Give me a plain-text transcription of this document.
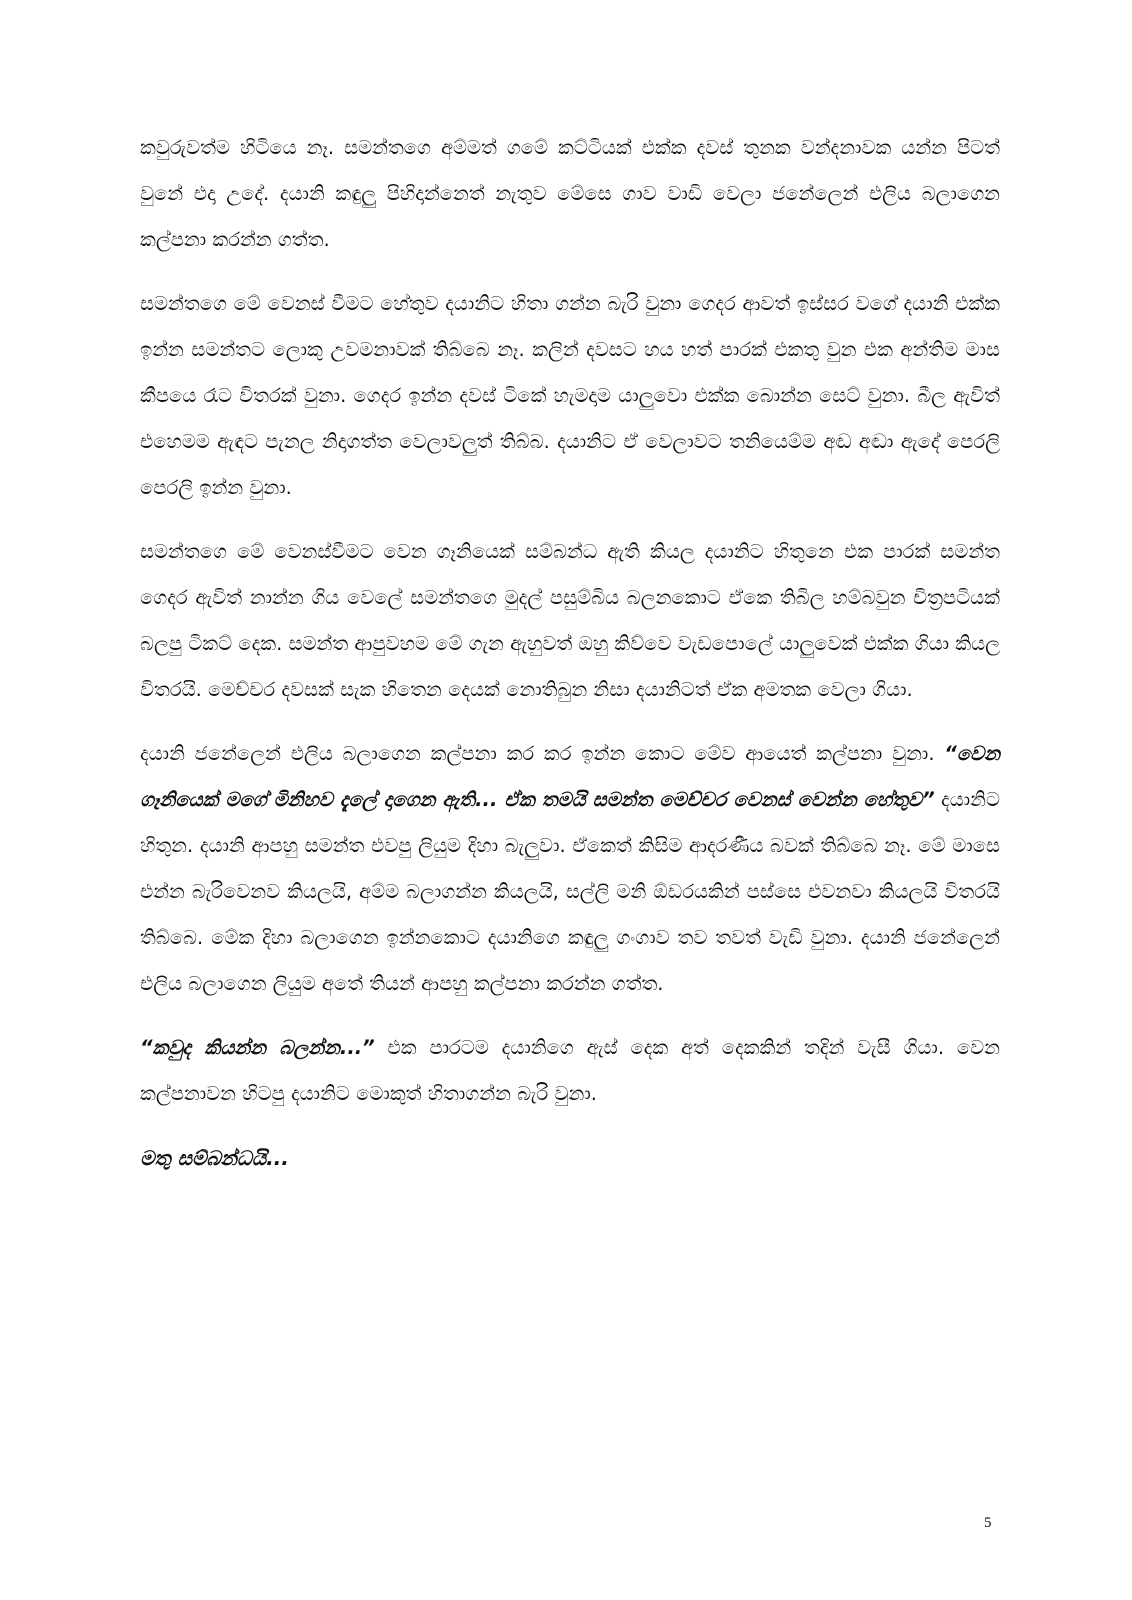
කවුරුවත්ම හිටියෙ නෑ. සමන්තගෙ අම්මත් ගමේ කට්ටියක් එක්ක දවස් තුනක වන්දනාවක යන්න පිටත් වුනේ එදා උදේ. දයානි කඳුලු පිහිදාන්නෙත් නැතුව මේසෙ ගාව වාඩි වෙලා ජනේලෙන් එලිය බලාගෙන කල්පනා කරන්න ගත්ත.

සමන්තගෙ මේ වෙනස් වීමට හේතුව දයානිට හිතා ගන්න බැරි වුනා ගෙදර ආවත් ඉස්සර වගේ දයානි එක්ක ඉන්න සමන්තට ලොකු උවමනාවක් තිබ්බෙ නෑ. කලින් දවසට හය හත් පාරක් එකතු වුන එක අන්තිම මාස කීපයෙ රෑට විතරක් වුනා. ගෙදර ඉන්න දවස් ටිකේ හැමදාම යාලුවො එක්ක බොන්න සෙට් වුනා. බීල ඇවිත් එහෙමම ඇඳට පැනල නිදාගත්ත වෙලාවලුත් තිබ්බ. දයානිට ඒ වෙලාවට තනියෙම්ම අඬ අඬා ඇදේ පෙරලි පෙරලි ඉන්න වුනා.

සමන්තගෙ මේ වෙනස්වීමට වෙන ගෑනියෙක් සම්බන්ධ ඇති කියල දයානිට හිතුනෙ එක පාරක් සමන්ත ගෙදර ඇවිත් නාන්න ගිය වෙලේ සමන්තගෙ මුදල් පසුම්බිය බලනකොට ඒකෙ තිබිල හම්බවුන චිත්‍රපටියක් බලපු ටිකට් දෙක. සමන්ත ආපුවහම මේ ගැන ඇහුවත් ඔහු කිව්වෙ වැඩපොලේ යාලුවෙක් එක්ක ගියා කියල විතරයි. මෙච්චර දවසක් සැක හිතෙන දෙයක් නොතිබුන නිසා දයානිටත් ඒක අමතක වෙලා ගියා.

දයානි ජනේලෙන් එලිය බලාගෙන කල්පනා කර කර ඉන්න කොට මේව ආයෙත් කල්පනා වුනා. “වෙන ගෑනියෙක් මගේ මිනිහව දැලේ දාගෙන ඇති... ඒක තමයි සමන්ත මෙච්චර වෙනස් වෙන්න හේතුව” දයානිට හිතුන. දයානි ආපහු සමන්ත එවපු ලියුම දිහා බැලුවා. ඒකෙත් කිසිම ආදරණීය බවක් තිබ්බෙ නෑ. මේ මාසෙ එන්න බැරිවෙනව කියලයි, අම්ම බලාගන්න කියලයි, සල්ලි මනි ඕඩරයකින් පස්සෙ එවනවා කියලයි විතරයි තිබ්බෙ. මේක දිහා බලාගෙන ඉන්නකොට දයානිගෙ කඳුලු ගංගාව තව තවත් වැඩි වුනා. දයානි ජනේලෙන් එලිය බලාගෙන ලියුම අතේ තියන් ආපහු කල්පනා කරන්න ගත්ත.

“කවුද කියන්න බලන්න...” එක පාරටම දයානිගෙ ඇස් දෙක අත් දෙකකින් තදින් වැසී ගියා. වෙන කල්පනාවන හිටපු දයානිට මොකුත් හිතාගන්න බැරි වුනා.

මතු සම්බන්ධයි...

5
